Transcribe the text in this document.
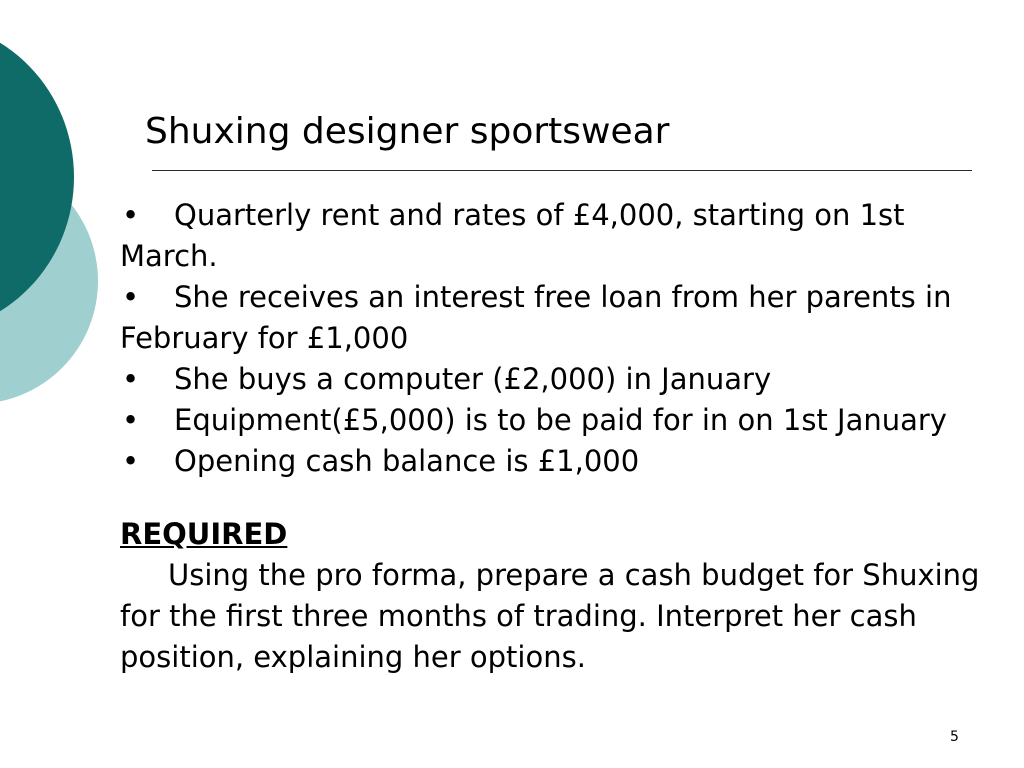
Shuxing designer sportswear

• Quarterly rent and rates of £4,000, starting on 1st March.

• She receives an interest free loan from her parents in February for £1,000

• She buys a computer (£2,000) in January

• Equipment(£5,000) is to be paid for in on 1st January

• Opening cash balance is £1,000

REQUIRED
Using the pro forma, prepare a cash budget for Shuxing for the first three months of trading. Interpret her cash position, explaining her options.
5
